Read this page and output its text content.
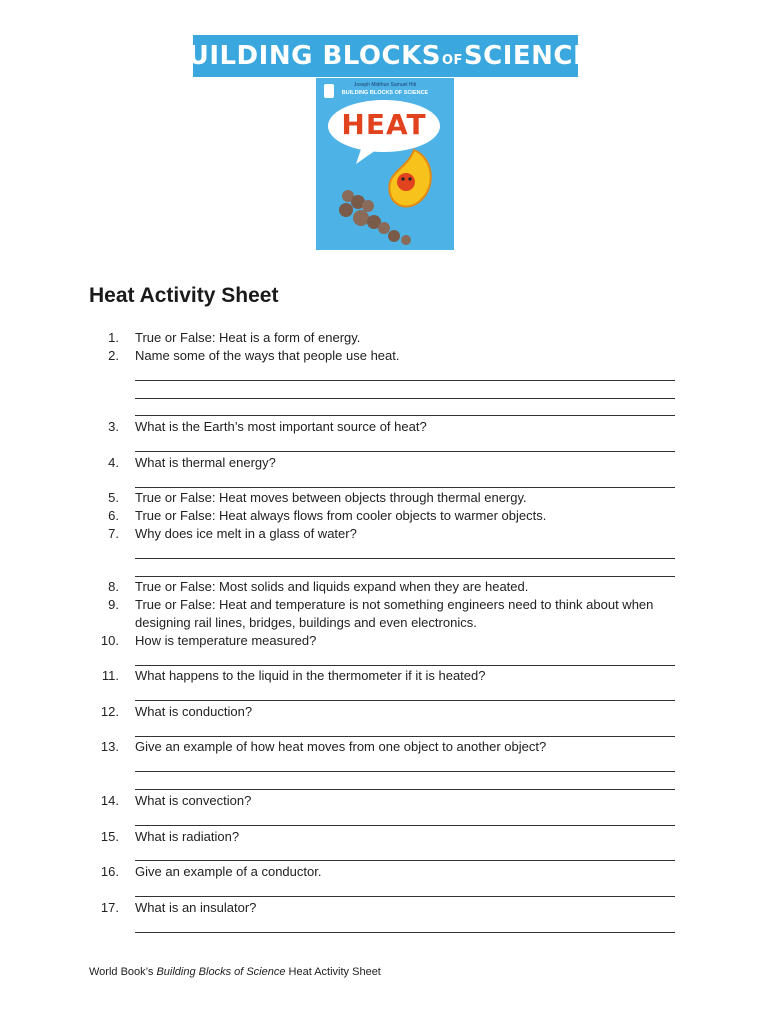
BUILDING BLOCKSOFSCIENCE!
Joseph Midthun Samuel Hiti
BUILDING BLOCKS OF SCIENCE
HEAT
Heat Activity Sheet
1. True or False: Heat is a form of energy.
2. Name some of the ways that people use heat.
3. What is the Earth’s most important source of heat?
4. What is thermal energy?
5. True or False: Heat moves between objects through thermal energy.
6. True or False: Heat always flows from cooler objects to warmer objects.
7. Why does ice melt in a glass of water?
8. True or False: Most solids and liquids expand when they are heated.
9. True or False: Heat and temperature is not something engineers need to think about when designing rail lines, bridges, buildings and even electronics.
10. How is temperature measured?
11. What happens to the liquid in the thermometer if it is heated?
12. What is conduction?
13. Give an example of how heat moves from one object to another object?
14. What is convection?
15. What is radiation?
16. Give an example of a conductor.
17. What is an insulator?
World Book’s Building Blocks of Science Heat Activity Sheet
